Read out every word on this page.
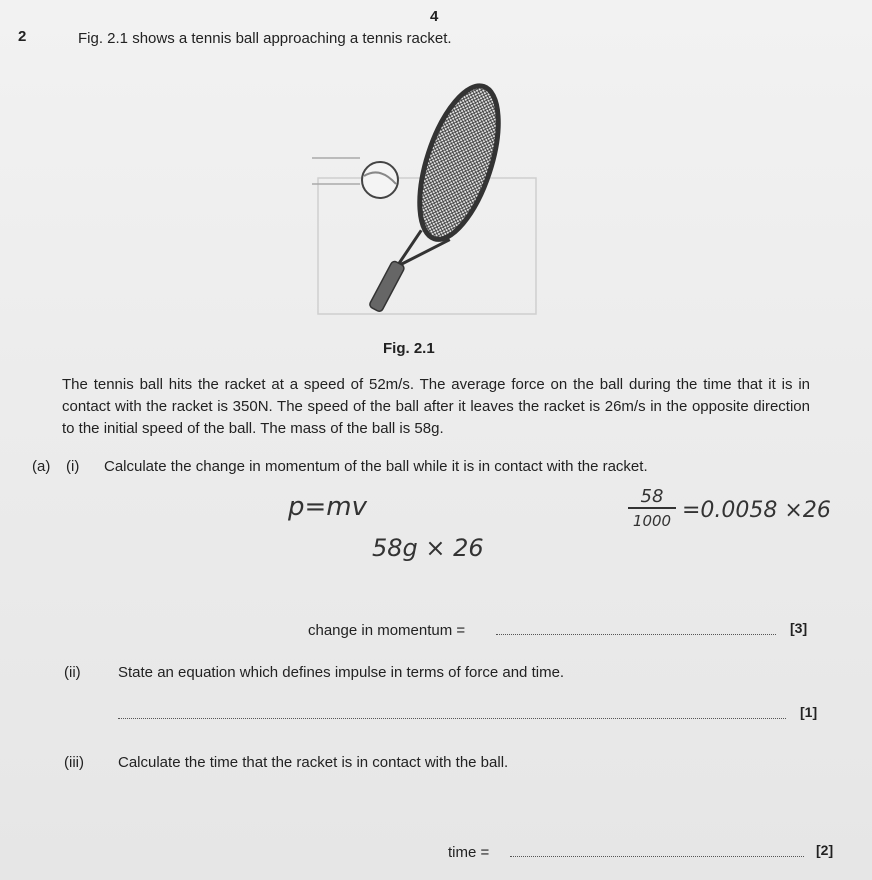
4
2	Fig. 2.1 shows a tennis ball approaching a tennis racket.
Fig. 2.1
The tennis ball hits the racket at a speed of 52m/s. The average force on the ball during the time that it is in contact with the racket is 350N. The speed of the ball after it leaves the racket is 26m/s in the opposite direction to the initial speed of the ball. The mass of the ball is 58g.
(a) (i) Calculate the change in momentum of the ball while it is in contact with the racket.
p=mv	58
1000 =0.0058 ×26
58g × 26
change in momentum =	[3]
(ii) State an equation which defines impulse in terms of force and time.
[1]
(iii) Calculate the time that the racket is in contact with the ball.
time =	[2]
